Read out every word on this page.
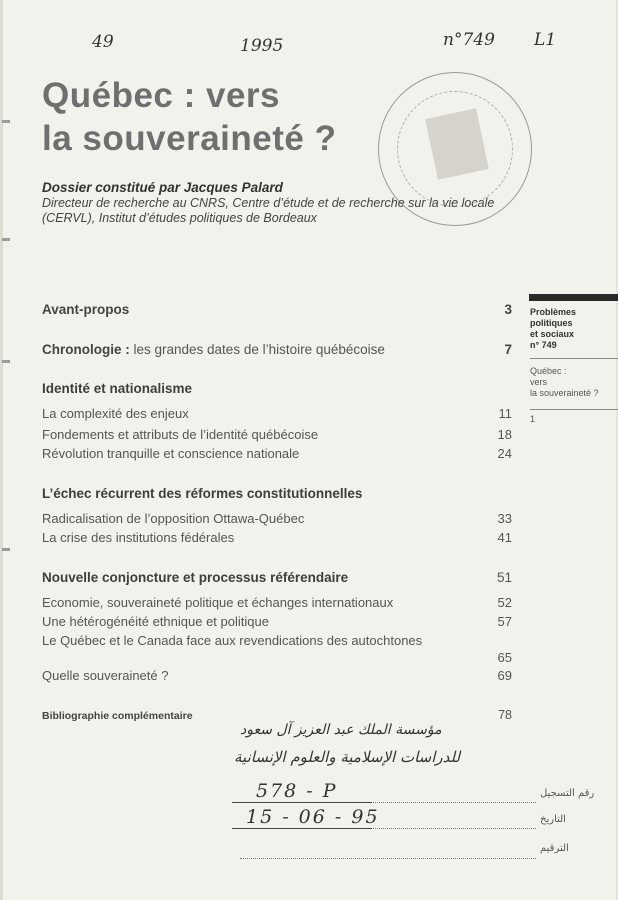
49	1995	n°749 L1
Québec : vers
la souveraineté ?
Dossier constitué par Jacques Palard
Directeur de recherche au CNRS, Centre d’étude et de recherche sur la vie locale (CERVL), Institut d’études politiques de Bordeaux
Problèmes
politiques
et sociaux
n° 749
Québec :
vers
la souveraineté ?
1
Avant-propos	3
Chronologie : les grandes dates de l’histoire québécoise	7
Identité et nationalisme
La complexité des enjeux	11
Fondements et attributs de l’identité québécoise	18
Révolution tranquille et conscience nationale	24
L’échec récurrent des réformes constitutionnelles
Radicalisation de l’opposition Ottawa-Québec	33
La crise des institutions fédérales	41
Nouvelle conjoncture et processus référendaire	51
Economie, souveraineté politique et échanges internationaux	52
Une hétérogénéité ethnique et politique	57
Le Québec et le Canada face aux revendications des autochtones
65
Quelle souveraineté ?	69
Bibliographie complémentaire	78
مؤسسة الملك عبد العزيز آل سعود
للدراسات الإسلامية والعلوم الإنسانية
رقم التسجيل
التاريخ
الترقيم
578 - P
15 - 06 - 95
